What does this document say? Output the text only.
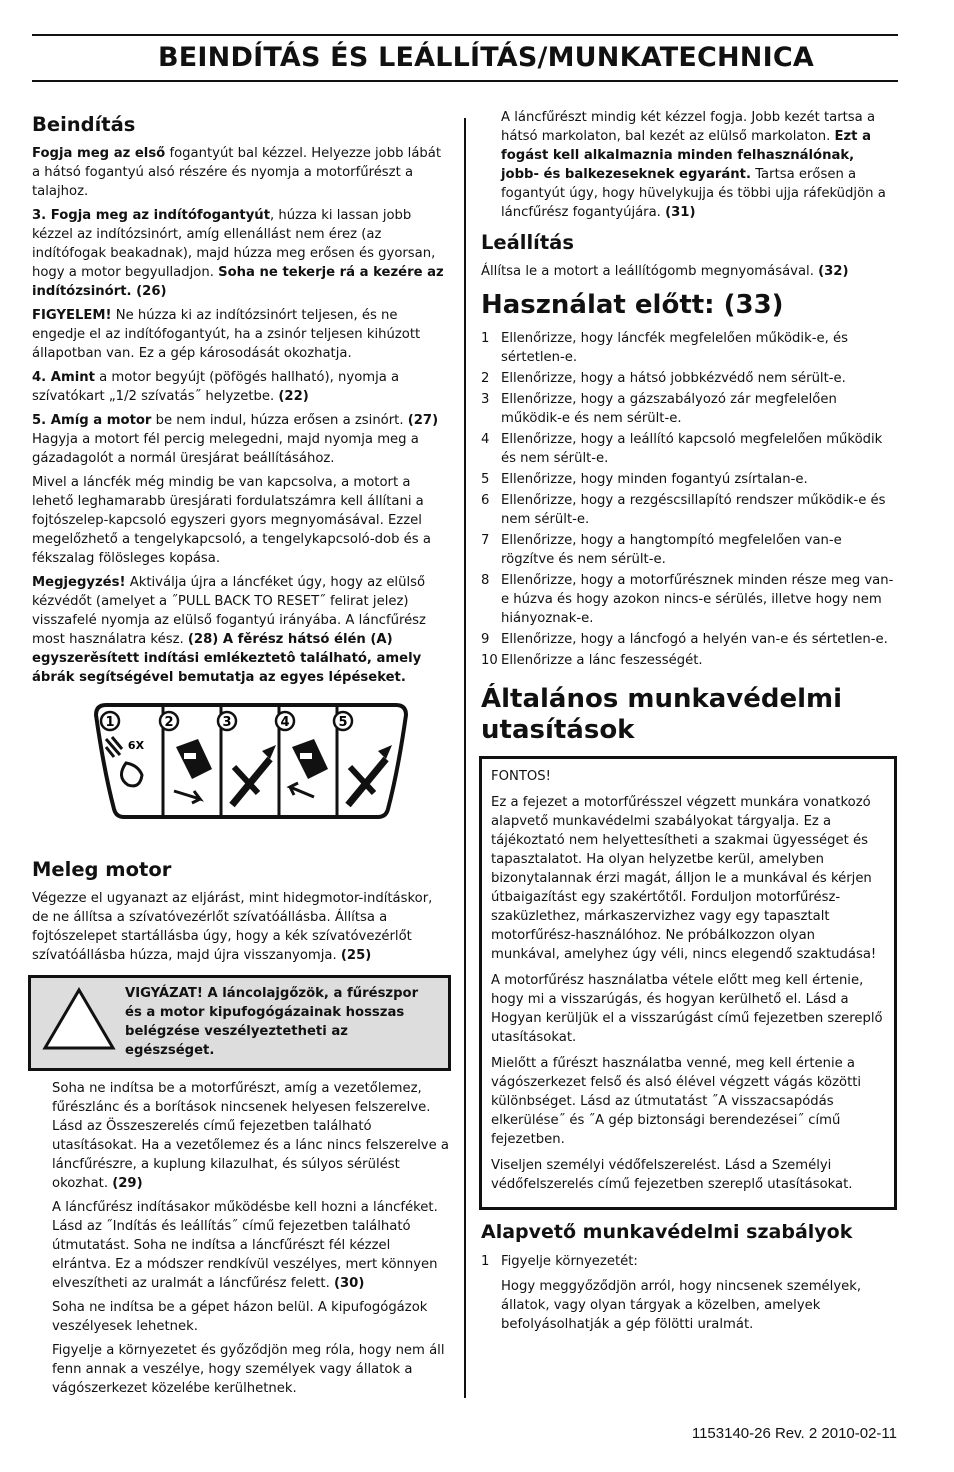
BEINDÍTÁS ÉS LEÁLLÍTÁS/MUNKATECHNICA
Beindítás

Fogja meg az első fogantyút bal kézzel. Helyezze jobb lábát a hátsó fogantyú alsó részére és nyomja a motorfűrészt a talajhoz.

3. Fogja meg az indítófogantyút, húzza ki lassan jobb kézzel az indítózsinórt, amíg ellenállást nem érez (az indítófogak beakadnak), majd húzza meg erősen és gyorsan, hogy a motor begyulladjon. Soha ne tekerje rá a kezére az indítózsinórt. (26)

FIGYELEM! Ne húzza ki az indítózsinórt teljesen, és ne engedje el az indítófogantyút, ha a zsinór teljesen kihúzott állapotban van. Ez a gép károsodását okozhatja.

4. Amint a motor begyújt (pöfögés hallható), nyomja a szívatókart „1/2 szívatás˝ helyzetbe. (22)

5. Amíg a motor be nem indul, húzza erősen a zsinórt. (27) Hagyja a motort fél percig melegedni, majd nyomja meg a gázadagolót a normál üresjárat beállításához.

Mivel a láncfék még mindig be van kapcsolva, a motort a lehető leghamarabb üresjárati fordulatszámra kell állítani a fojtószelep-kapcsoló egyszeri gyors megnyomásával. Ezzel megelőzhető a tengelykapcsoló, a tengelykapcsoló-dob és a fékszalag fölösleges kopása.

Megjegyzés! Aktiválja újra a láncféket úgy, hogy az elülső kézvédőt (amelyet a ˝PULL BACK TO RESET˝ felirat jelez) visszafelé nyomja az elülső fogantyú irányába. A láncfűrész most használatra kész. (28) A fěrész hátsó élén (A) egyszerěsített indítási emlékeztetô található, amely ábrák segítségével bemutatja az egyes lépéseket.

1
6X
2	3	4	5
Meleg motor

Végezze el ugyanazt az eljárást, mint hidegmotor-indításkor, de ne állítsa a szívatóvezérlőt szívatóállásba. Állítsa a fojtószelepet startállásba úgy, hogy a kék szívatóvezérlőt szívatóállásba húzza, majd újra visszanyomja. (25)

VIGYÁZAT! A láncolajgőzök, a fűrészpor és a motor kipufogógázainak hosszas belégzése veszélyeztetheti az egészséget.

Soha ne indítsa be a motorfűrészt, amíg a vezetőlemez, fűrészlánc és a borítások nincsenek helyesen felszerelve. Lásd az Összeszerelés című fejezetben található utasításokat. Ha a vezetőlemez és a lánc nincs felszerelve a láncfűrészre, a kuplung kilazulhat, és súlyos sérülést okozhat. (29)

A láncfűrész indításakor működésbe kell hozni a láncféket. Lásd az ˝Indítás és leállítás˝ című fejezetben található útmutatást. Soha ne indítsa a láncfűrészt fél kézzel elrántva. Ez a módszer rendkívül veszélyes, mert könnyen elveszítheti az uralmát a láncfűrész felett. (30)

Soha ne indítsa be a gépet házon belül. A kipufogógázok veszélyesek lehetnek.

Figyelje a környezetet és győződjön meg róla, hogy nem áll fenn annak a veszélye, hogy személyek vagy állatok a vágószerkezet közelébe kerülhetnek.

A láncfűrészt mindig két kézzel fogja. Jobb kezét tartsa a hátsó markolaton, bal kezét az elülső markolaton. Ezt a fogást kell alkalmaznia minden felhasználónak, jobb- és balkezeseknek egyaránt. Tartsa erősen a fogantyút úgy, hogy hüvelykujja és többi ujja ráfeküdjön a láncfűrész fogantyújára. (31)

Leállítás

Állítsa le a motort a leállítógomb megnyomásával. (32)

Használat előtt: (33)
1 Ellenőrizze, hogy láncfék megfelelően működik-e, és sértetlen-e.
2 Ellenőrizze, hogy a hátsó jobbkézvédő nem sérült-e.
3 Ellenőrizze, hogy a gázszabályozó zár megfelelően működik-e és nem sérült-e.
4 Ellenőrizze, hogy a leállító kapcsoló megfelelően működik és nem sérült-e.
5 Ellenőrizze, hogy minden fogantyú zsírtalan-e.
6 Ellenőrizze, hogy a rezgéscsillapító rendszer működik-e és nem sérült-e.
7 Ellenőrizze, hogy a hangtompító megfelelően van-e rögzítve és nem sérült-e.
8 Ellenőrizze, hogy a motorfűrésznek minden része meg van-e húzva és hogy azokon nincs-e sérülés, illetve hogy nem hiányoznak-e.
9 Ellenőrizze, hogy a láncfogó a helyén van-e és sértetlen-e.
10 Ellenőrizze a lánc feszességét.
Általános munkavédelmi utasítások

FONTOS!

Ez a fejezet a motorfűrésszel végzett munkára vonatkozó alapvető munkavédelmi szabályokat tárgyalja. Ez a tájékoztató nem helyettesítheti a szakmai ügyességet és tapasztalatot. Ha olyan helyzetbe kerül, amelyben bizonytalannak érzi magát, álljon le a munkával és kérjen útbaigazítást egy szakértőtől. Forduljon motorfűrész-szaküzlethez, márkaszervizhez vagy egy tapasztalt motorfűrész-használóhoz. Ne próbálkozzon olyan munkával, amelyhez úgy véli, nincs elegendő szaktudása!

A motorfűrész használatba vétele előtt meg kell értenie, hogy mi a visszarúgás, és hogyan kerülhető el. Lásd a Hogyan kerüljük el a visszarúgást című fejezetben szereplő utasításokat.

Mielőtt a fűrészt használatba venné, meg kell értenie a vágószerkezet felső és alsó élével végzett vágás közötti különbséget. Lásd az útmutatást ˝A visszacsapódás elkerülése˝ és ˝A gép biztonsági berendezései˝ című fejezetben.

Viseljen személyi védőfelszerelést. Lásd a Személyi védőfelszerelés című fejezetben szereplő utasításokat.

Alapvető munkavédelmi szabályok

1 Figyelje környezetét:

Hogy meggyőződjön arról, hogy nincsenek személyek, állatok, vagy olyan tárgyak a közelben, amelyek befolyásolhatják a gép fölötti uralmát.

1153140-26 Rev. 2 2010-02-11
